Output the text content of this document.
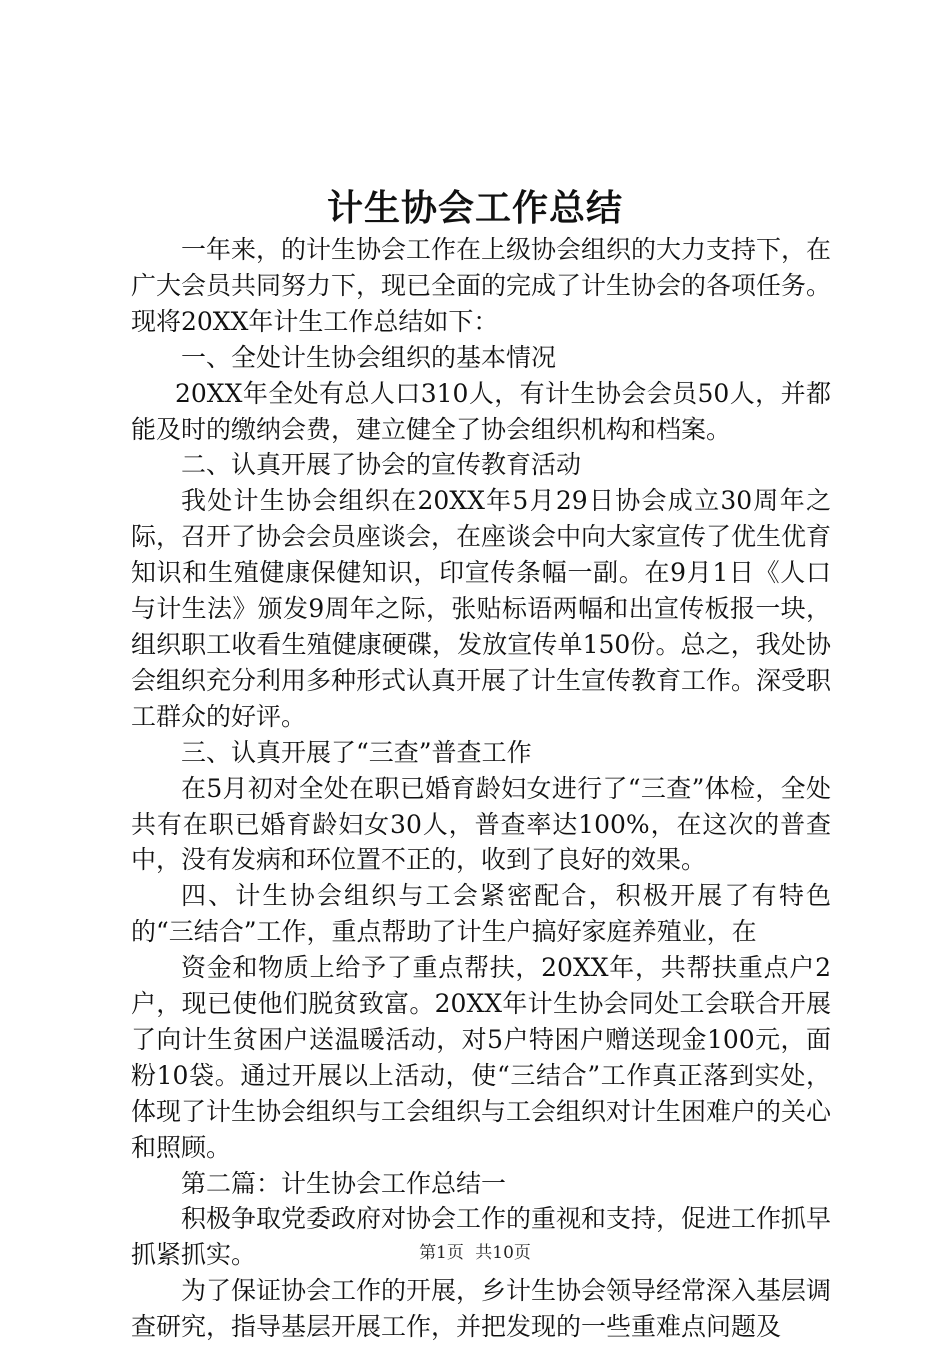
计生协会工作总结

一年来，的计生协会工作在上级协会组织的大力支持下，在广大会员共同努力下，现已全面的完成了计生协会的各项任务。现将20XX年计生工作总结如下：

一、全处计生协会组织的基本情况

20XX年全处有总人口310人，有计生协会会员50人，并都能及时的缴纳会费，建立健全了协会组织机构和档案。

二、认真开展了协会的宣传教育活动

我处计生协会组织在20XX年5月29日协会成立30周年之际，召开了协会会员座谈会，在座谈会中向大家宣传了优生优育知识和生殖健康保健知识，印宣传条幅一副。在9月1日《人口与计生法》颁发9周年之际，张贴标语两幅和出宣传板报一块，组织职工收看生殖健康硬碟，发放宣传单150份。总之，我处协会组织充分利用多种形式认真开展了计生宣传教育工作。深受职工群众的好评。

三、认真开展了“三查”普查工作

在5月初对全处在职已婚育龄妇女进行了“三查”体检，全处共有在职已婚育龄妇女30人，普查率达100%，在这次的普查中，没有发病和环位置不正的，收到了良好的效果。

四、计生协会组织与工会紧密配合，积极开展了有特色的“三结合”工作，重点帮助了计生户搞好家庭养殖业，在

资金和物质上给予了重点帮扶，20XX年，共帮扶重点户2户，现已使他们脱贫致富。20XX年计生协会同处工会联合开展了向计生贫困户送温暖活动，对5户特困户赠送现金100元，面粉10袋。通过开展以上活动，使“三结合”工作真正落到实处，体现了计生协会组织与工会组织与工会组织对计生困难户的关心和照顾。

第二篇：计生协会工作总结一

积极争取党委政府对协会工作的重视和支持，促进工作抓早抓紧抓实。

为了保证协会工作的开展，乡计生协会领导经常深入基层调查研究，指导基层开展工作，并把发现的一些重难点问题及

第1页 共10页
